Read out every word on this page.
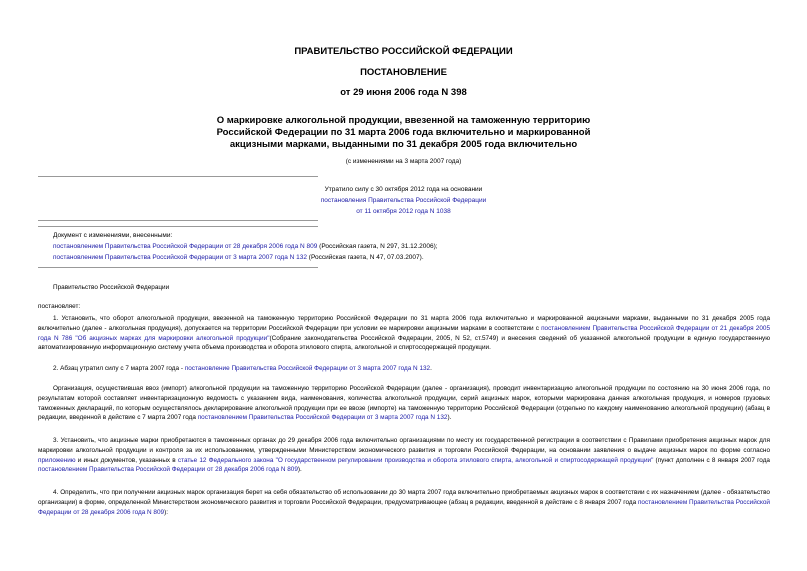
ПРАВИТЕЛЬСТВО РОССИЙСКОЙ ФЕДЕРАЦИИ
ПОСТАНОВЛЕНИЕ
от 29 июня 2006 года N 398
О маркировке алкогольной продукции, ввезенной на таможенную территорию
Российской Федерации по 31 марта 2006 года включительно и маркированной
акцизными марками, выданными по 31 декабря 2005 года включительно
(с изменениями на 3 марта 2007 года)
Утратило силу с 30 октября 2012 года на основании
постановления Правительства Российской Федерации
от 11 октября 2012 года N 1038
Документ с изменениями, внесенными:
постановлением Правительства Российской Федерации от 28 декабря 2006 года N 809 (Российская газета, N 297, 31.12.2006);
постановлением Правительства Российской Федерации от 3 марта 2007 года N 132 (Российская газета, N 47, 07.03.2007).
Правительство Российской Федерации
постановляет:
1. Установить, что оборот алкогольной продукции, ввезенной на таможенную территорию Российской Федерации по 31 марта 2006 года включительно и маркированной акцизными марками, выданными по 31 декабря 2005 года включительно (далее - алкогольная продукция), допускается на территории Российской Федерации при условии ее маркировки акцизными марками в соответствии с постановлением Правительства Российской Федерации от 21 декабря 2005 года N 786 "Об акцизных марках для маркировки алкогольной продукции"(Собрание законодательства Российской Федерации, 2005, N 52, ст.5749) и внесения сведений об указанной алкогольной продукции в единую государственную автоматизированную информационную систему учета объема производства и оборота этилового спирта, алкогольной и спиртосодержащей продукции.
2. Абзац утратил силу с 7 марта 2007 года - постановление Правительства Российской Федерации от 3 марта 2007 года N 132.
Организация, осуществившая ввоз (импорт) алкогольной продукции на таможенную территорию Российской Федерации (далее - организация), проводит инвентаризацию алкогольной продукции по состоянию на 30 июня 2006 года, по результатам которой составляет инвентаризационную ведомость с указанием вида, наименования, количества алкогольной продукции, серий акцизных марок, которыми маркирована данная алкогольная продукция, и номеров грузовых таможенных деклараций, по которым осуществлялось декларирование алкогольной продукции при ее ввозе (импорте) на таможенную территорию Российской Федерации (отдельно по каждому наименованию алкогольной продукции) (абзац в редакции, введенной в действие с 7 марта 2007 года постановлением Правительства Российской Федерации от 3 марта 2007 года N 132).
3. Установить, что акцизные марки приобретаются в таможенных органах до 29 декабря 2006 года включительно организациями по месту их государственной регистрации в соответствии с Правилами приобретения акцизных марок для маркировки алкогольной продукции и контроля за их использованием, утвержденными Министерством экономического развития и торговли Российской Федерации, на основании заявления о выдаче акцизных марок по форме согласно приложению и иных документов, указанных в статье 12 Федерального закона "О государственном регулировании производства и оборота этилового спирта, алкогольной и спиртосодержащей продукции" (пункт дополнен с 8 января 2007 года постановлением Правительства Российской Федерации от 28 декабря 2006 года N 809).
4. Определить, что при получении акцизных марок организация берет на себя обязательство об использовании до 30 марта 2007 года включительно приобретаемых акцизных марок в соответствии с их назначением (далее - обязательство организации) в форме, определенной Министерством экономического развития и торговли Российской Федерации, предусматривающее (абзац в редакции, введенной в действие с 8 января 2007 года постановлением Правительства Российской Федерации от 28 декабря 2006 года N 809):
